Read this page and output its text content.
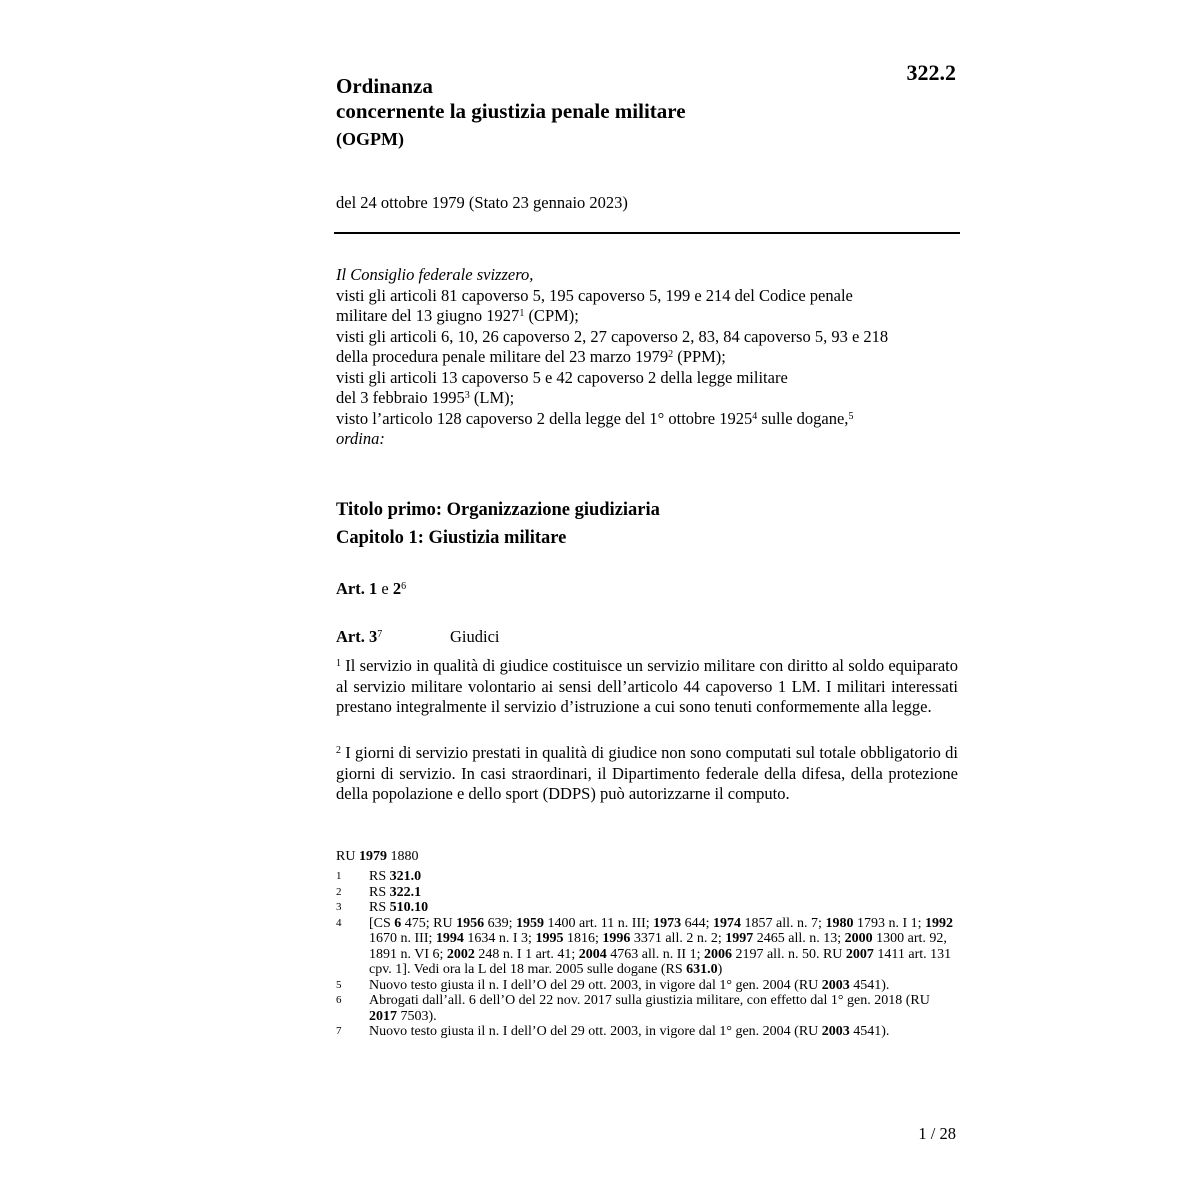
322.2
Ordinanza
concernente la giustizia penale militare
(OGPM)
del 24 ottobre 1979 (Stato 23 gennaio 2023)
Il Consiglio federale svizzero,
visti gli articoli 81 capoverso 5, 195 capoverso 5, 199 e 214 del Codice penale
militare del 13 giugno 1927$^1$ (CPM);
visti gli articoli 6, 10, 26 capoverso 2, 27 capoverso 2, 83, 84 capoverso 5, 93 e 218
della procedura penale militare del 23 marzo 1979$^2$ (PPM);
visti gli articoli 13 capoverso 5 e 42 capoverso 2 della legge militare
del 3 febbraio 1995$^3$ (LM);
visto l’articolo 128 capoverso 2 della legge del 1° ottobre 1925$^4$ sulle dogane,$^5$
ordina:
Titolo primo: Organizzazione giudiziaria
Capitolo 1: Giustizia militare
Art. 1 e $2^6$
Art. $3^7$	Giudici
$^1$ Il servizio in qualità di giudice costituisce un servizio militare con diritto al soldo equiparato al servizio militare volontario ai sensi dell’articolo 44 capoverso 1 LM. I militari interessati prestano integralmente il servizio d’istruzione a cui sono tenuti conformemente alla legge.
$^2$ I giorni di servizio prestati in qualità di giudice non sono computati sul totale obbligatorio di giorni di servizio. In casi straordinari, il Dipartimento federale della difesa, della protezione della popolazione e dello sport (DDPS) può autorizzarne il computo.
RU 1979 1880
1	RS 321.0
2	RS 322.1
3	RS 510.10
4	[CS 6 475; RU 1956 639; 1959 1400 art. 11 n. III; 1973 644; 1974 1857 all. n. 7; 1980 1793 n. I 1; 1992 1670 n. III; 1994 1634 n. I 3; 1995 1816; 1996 3371 all. 2 n. 2; 1997 2465 all. n. 13; 2000 1300 art. 92, 1891 n. VI 6; 2002 248 n. I 1 art. 41; 2004 4763 all. n. II 1; 2006 2197 all. n. 50. RU 2007 1411 art. 131 cpv. 1]. Vedi ora la L del 18 mar. 2005 sulle dogane (RS 631.0)
5	Nuovo testo giusta il n. I dell’O del 29 ott. 2003, in vigore dal 1° gen. 2004 (RU 2003 4541).
6	Abrogati dall’all. 6 dell’O del 22 nov. 2017 sulla giustizia militare, con effetto dal 1° gen. 2018 (RU 2017 7503).
7	Nuovo testo giusta il n. I dell’O del 29 ott. 2003, in vigore dal 1° gen. 2004 (RU 2003 4541).
1 / 28
